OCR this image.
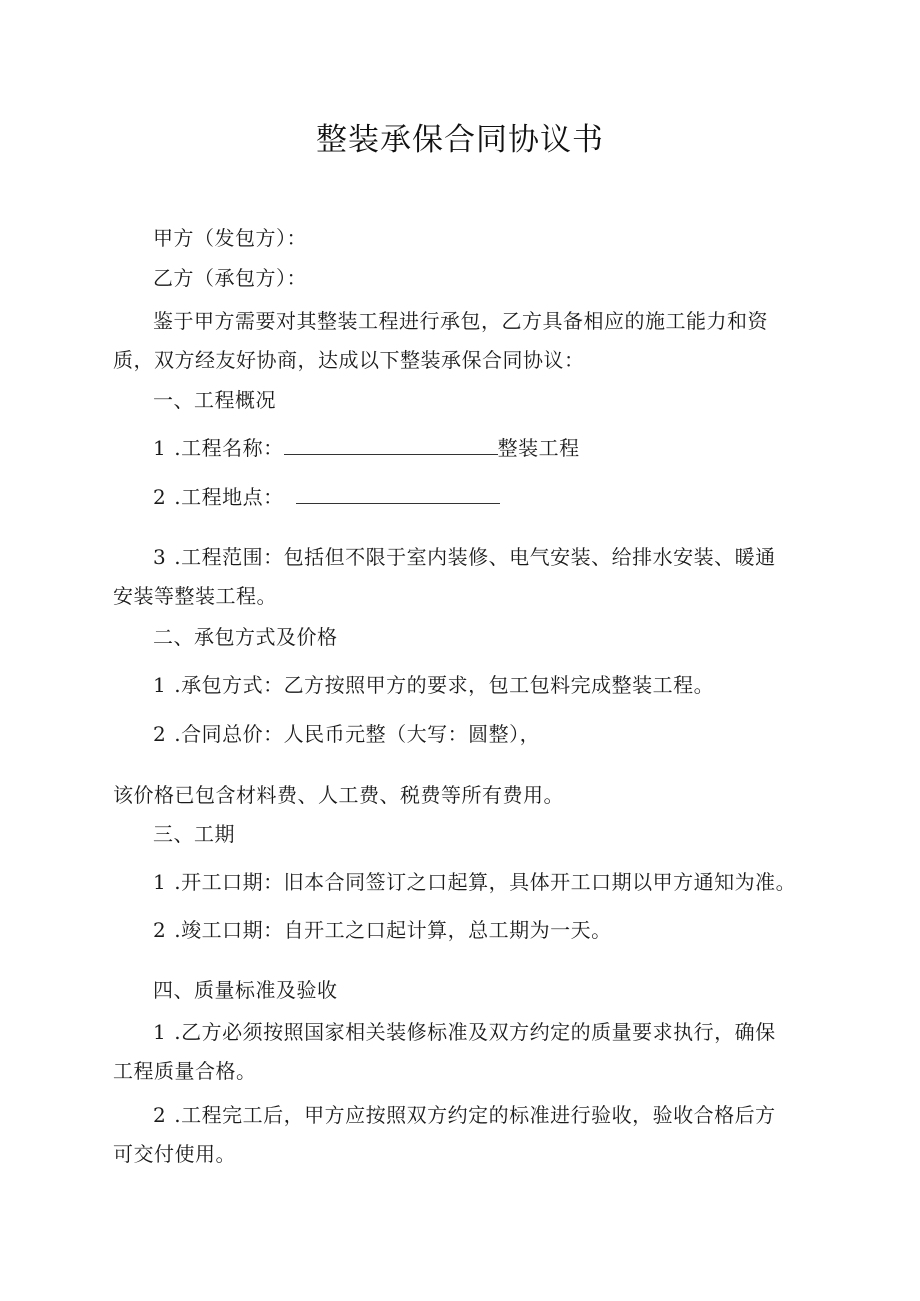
整装承保合同协议书
甲方（发包方）：
乙方（承包方）：
鉴于甲方需要对其整装工程进行承包，乙方具备相应的施工能力和资
质，双方经友好协商，达成以下整装承保合同协议：
一、工程概况
1 .工程名称：	整装工程
2 .工程地点：
3 .工程范围：包括但不限于室内装修、电气安装、给排水安装、暖通
安装等整装工程。
二、承包方式及价格
1 .承包方式：乙方按照甲方的要求，包工包料完成整装工程。
2 .合同总价：人民币元整（大写：圆整），
该价格已包含材料费、人工费、税费等所有费用。
三、工期
1 .开工口期：旧本合同签订之口起算，具体开工口期以甲方通知为准。
2 .竣工口期：自开工之口起计算，总工期为一天。
四、质量标准及验收
1 .乙方必须按照国家相关装修标准及双方约定的质量要求执行，确保
工程质量合格。
2 .工程完工后，甲方应按照双方约定的标准进行验收，验收合格后方
可交付使用。
